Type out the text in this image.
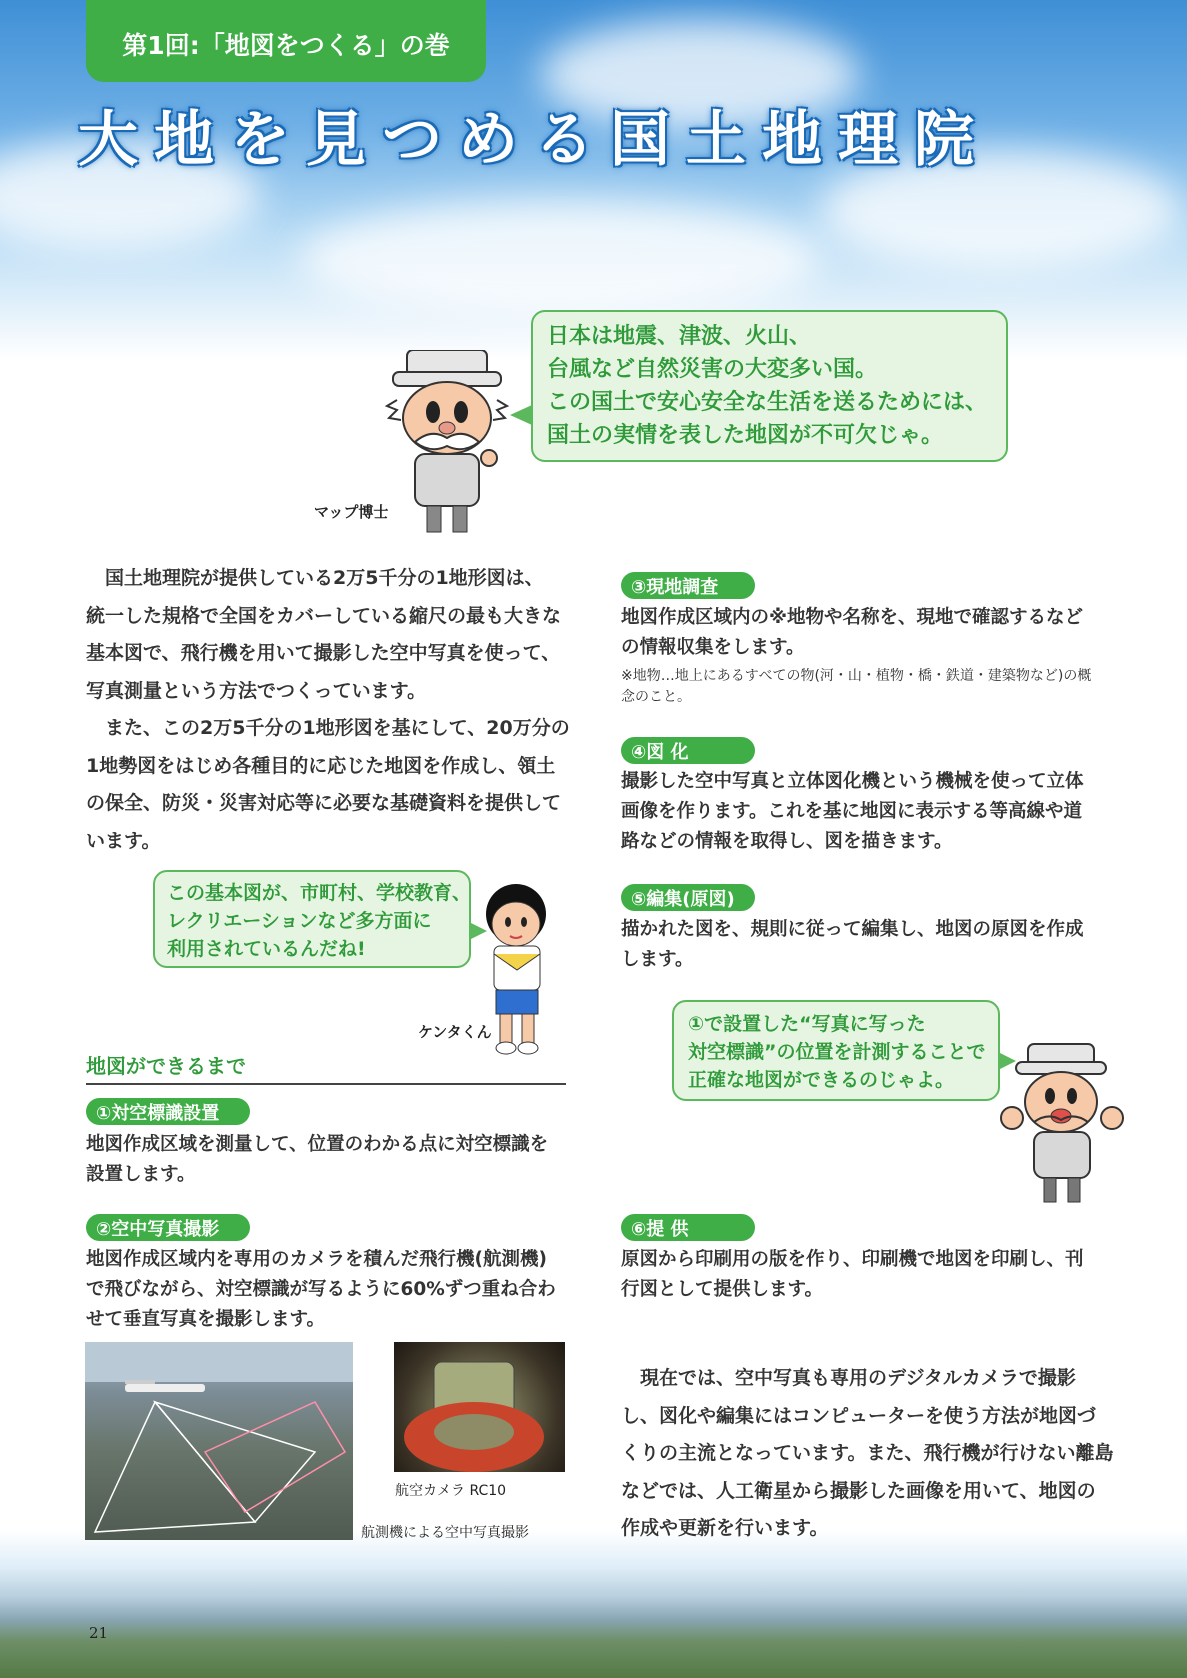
第1回:「地図をつくる」の巻
大地を見つめる国土地理院
マップ博士
日本は地震、津波、火山、
台風など自然災害の大変多い国。
この国土で安心安全な生活を送るためには、
国土の実情を表した地図が不可欠じゃ。
　国土地理院が提供している2万5千分の1地形図は、
統一した規格で全国をカバーしている縮尺の最も大きな
基本図で、飛行機を用いて撮影した空中写真を使って、
写真測量という方法でつくっています。
　また、この2万5千分の1地形図を基にして、20万分の
1地勢図をはじめ各種目的に応じた地図を作成し、領土
の保全、防災・災害対応等に必要な基礎資料を提供して
います。
この基本図が、市町村、学校教育、
レクリエーションなど多方面に
利用されているんだね!
ケンタくん
地図ができるまで
①対空標識設置
地図作成区域を測量して、位置のわかる点に対空標識を
設置します。
②空中写真撮影
地図作成区域内を専用のカメラを積んだ飛行機(航測機)
で飛びながら、対空標識が写るように60%ずつ重ね合わ
せて垂直写真を撮影します。
航空カメラ RC10
航測機による空中写真撮影
③現地調査
地図作成区域内の※地物や名称を、現地で確認するなど
の情報収集をします。
※地物…地上にあるすべての物(河・山・植物・橋・鉄道・建築物など)の概
念のこと。
④図 化
撮影した空中写真と立体図化機という機械を使って立体
画像を作ります。これを基に地図に表示する等高線や道
路などの情報を取得し、図を描きます。
⑤編集(原図)
描かれた図を、規則に従って編集し、地図の原図を作成
します。
①で設置した“写真に写った
対空標識”の位置を計測することで
正確な地図ができるのじゃよ。
⑥提 供
原図から印刷用の版を作り、印刷機で地図を印刷し、刊
行図として提供します。
　現在では、空中写真も専用のデジタルカメラで撮影
し、図化や編集にはコンピューターを使う方法が地図づ
くりの主流となっています。また、飛行機が行けない離島
などでは、人工衛星から撮影した画像を用いて、地図の
作成や更新を行います。
21
